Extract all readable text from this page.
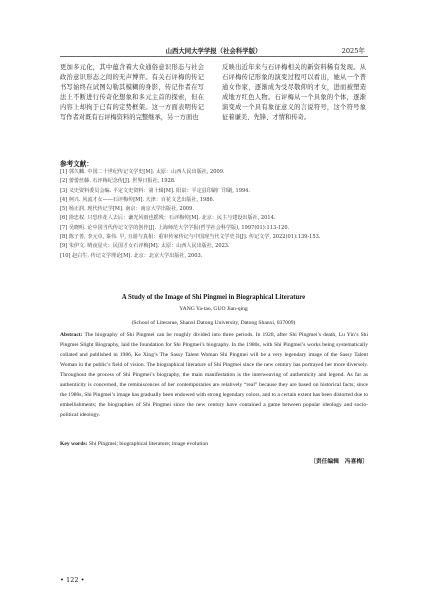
山西大同大学学报（社会科学版）	2025年

更加多元化，其中蕴含着大众通俗意识形态与社会政治意识形态之间的无声博弈。有关石评梅的传记书写始终在试图勾勒其模糊的身影，传记作者在写法上不断进行传奇化想象和多元主首的探索，但在内容上却拘于已有的定势框架。这一方面表明传记写作者对既有石评梅资料的完整继承，另一方面也

反映出近年来与石评梅相关的新资料稀有发现。从石评梅传记形象的演变过程可以看出，她从一个普通女作家，逐渐成为受尽敬仰的才女，进而被塑造成地方红色人物。石评梅从一个具象的个体，逐渐演变成一个具有象征意义的言说符号，这个符号象征着谦美、先锋、才情和传奇。

参考文献：
[1] 郭久麟. 中国二十世纪传记文学史[M]. 太原：山西人民出版社, 2009.
[2] 蕾蕾丝藤. 石评梅纪念传[J]. 世界日报社, 1928.
[3] 义史资料委员会编. 平定文史资料：第十辑[M]. 阳泉：平定县印刷厂印刷, 1994.
[4] 柯兴. 风流才女——石评梅传[M]. 天津：百花文艺出版社, 1986.
[5] 杨正润. 现代传记学[M]. 南京：南京大学出版社, 2009.
[6] 徐忠权. 只恐佳花人去后：谦光风雨也摇残：石评梅传[M]. 北京：民主与建设出版社, 2014.
[7] 吴晓明. 论中国当代传记文学的创作[J]. 上海师范大学学报(哲学社会科学版), 1997(01):113-120.
[8] 陈子善, 李元卓, 秦伟. 早, 且游与真相：重审传家传记与中国现当代文学史书[J]. 传记文学, 2022(01):139-153.
[9] 朱伊文. 晴夜星火：民国才女石评梅[M]. 太原：山西人民出版社, 2023.
[10] 赵白生. 传记文学理论[M]. 北京：北京大学出版社, 2003.
A Study of the Image of Shi Pingmei in Biographical Literature
YANG Ya-tao, GUO Jian-qing
(School of Literarue, Shanxi Datong University, Datong Shanxi, 037009)
Abstract: The biography of Shi Pingmei can be roughly divided into three periods. In 1928, after Shi Pingmei’s death, Lu Yin’s Shi Pingmei Slight Biography, laid the foundation for Shi Pingmei’s biography. In the 1980s, with Shi Pingmei’s works being systematically collated and published in 1986, Ke Xing’s The Sassy Talent Woman Shi Pingmei will be a very legendary image of the Sassy Talent Woman in the public’s field of vision. The biographical literature of Shi Pingmei since the new century has portrayed her more diversely. Throughout the process of Shi Pingmei’s biography, the main manifestation is the interweaving of authenticity and legend. As far as authenticity is concerned, the reminiscences of her contemporaries are relatively “real” because they are based on historical facts; since the 1980s, Shi Pingmei’s image has gradually been endowed with strong legendary colors, and to a certain extent has been distorted due to embellishments; the biographies of Shi Pingmei since the new century have contained a game between popular ideology and socio-political ideology.
Key words: Shi Pingmei; biographical literature; image evolution
〔责任编辑　冯喜梅〕
• 122 •
